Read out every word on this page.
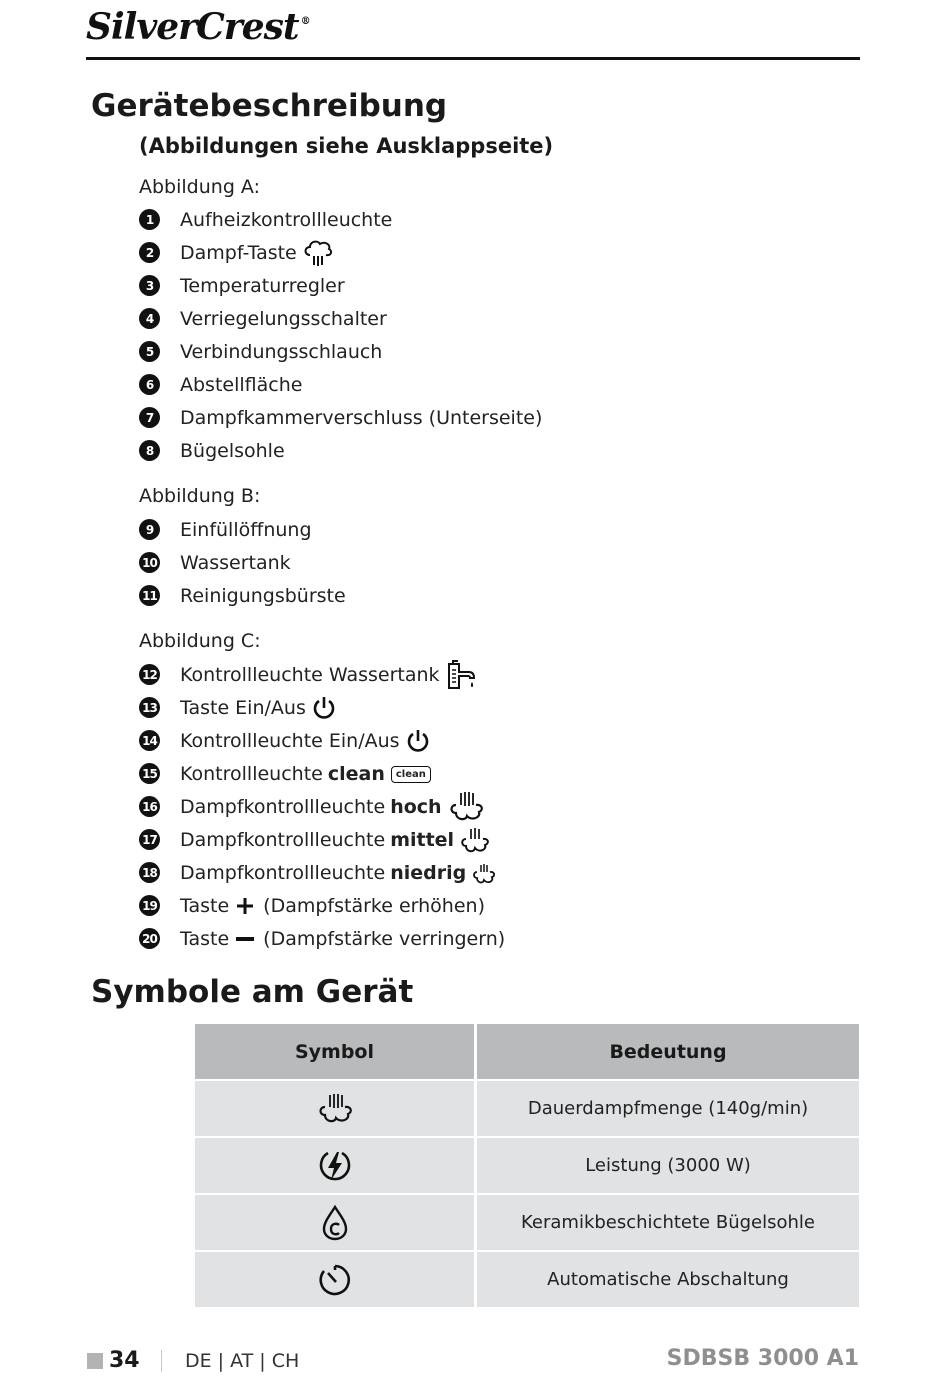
SilverCrest ®
Gerätebeschreibung
(Abbildungen siehe Ausklappseite)
Abbildung A:
1	Aufheizkontrollleuchte
2	Dampf-Taste
3	Temperaturregler
4	Verriegelungsschalter
5	Verbindungsschlauch
6	Abstellfläche
7	Dampfkammerverschluss (Unterseite)
8	Bügelsohle
Abbildung B:
9	Einfüllöffnung
10 Wassertank
11 Reinigungsbürste
Abbildung C:
12 Kontrollleuchte Wassertank
13 Taste Ein/Aus
14 Kontrollleuchte Ein/Aus
15 Kontrollleuchte clean	clean
16 Dampfkontrollleuchte hoch
17 Dampfkontrollleuchte mittel
18 Dampfkontrollleuchte niedrig
19 Taste (Dampfstärke erhöhen)
20 Taste (Dampfstärke verringern)
Symbole am Gerät
Symbol	Bedeutung
	Dauerdampfmenge (140g/min)
	Leistung (3000 W)
	Keramikbeschichtete Bügelsohle
	Automatische Abschaltung
34 DE | AT | CH	SDBSB 3000 A1
